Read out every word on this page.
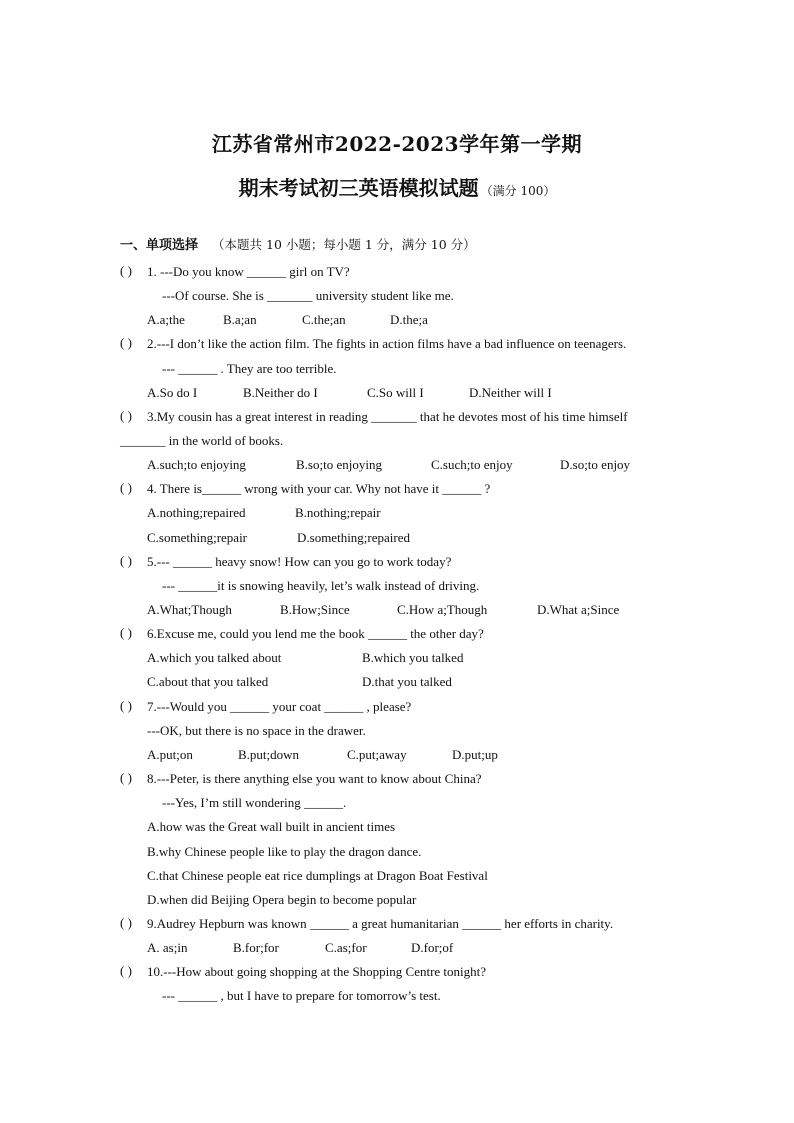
江苏省常州市2022-2023学年第一学期
期末考试初三英语模拟试题 （满分 100）
一、单项选择 （本题共 10 小题；每小题 1 分，满分 10 分）
( ) 1. ---Do you know ______ girl on TV?
---Of course. She is _______ university student like me.
A.a;the	B.a;an	C.the;an	D.the;a
( ) 2.---I don’t like the action film. The fights in action films have a bad influence on teenagers.
--- ______ . They are too terrible.
A.So do I	B.Neither do I	C.So will I	D.Neither will I
( ) 3.My cousin has a great interest in reading _______ that he devotes most of his time himself
_______ in the world of books.
A.such;to enjoying	B.so;to enjoying	C.such;to enjoy	D.so;to enjoy
( ) 4. There is______ wrong with your car. Why not have it ______ ?
A.nothing;repaired	B.nothing;repair
C.something;repair	D.something;repaired
( ) 5.--- ______ heavy snow! How can you go to work today?
--- ______it is snowing heavily, let’s walk instead of driving.
A.What;Though	B.How;Since	C.How a;Though	D.What a;Since
( ) 6.Excuse me, could you lend me the book ______ the other day?
A.which you talked about	B.which you talked
C.about that you talked	D.that you talked
( ) 7.---Would you ______ your coat ______ , please?
---OK, but there is no space in the drawer.
A.put;on	B.put;down	C.put;away	D.put;up
( ) 8.---Peter, is there anything else you want to know about China?
---Yes, I’m still wondering ______.
A.how was the Great wall built in ancient times
B.why Chinese people like to play the dragon dance.
C.that Chinese people eat rice dumplings at Dragon Boat Festival
D.when did Beijing Opera begin to become popular
( ) 9.Audrey Hepburn was known ______ a great humanitarian ______ her efforts in charity.
A. as;in	B.for;for	C.as;for	D.for;of
( ) 10.---How about going shopping at the Shopping Centre tonight?
--- ______ , but I have to prepare for tomorrow’s test.
